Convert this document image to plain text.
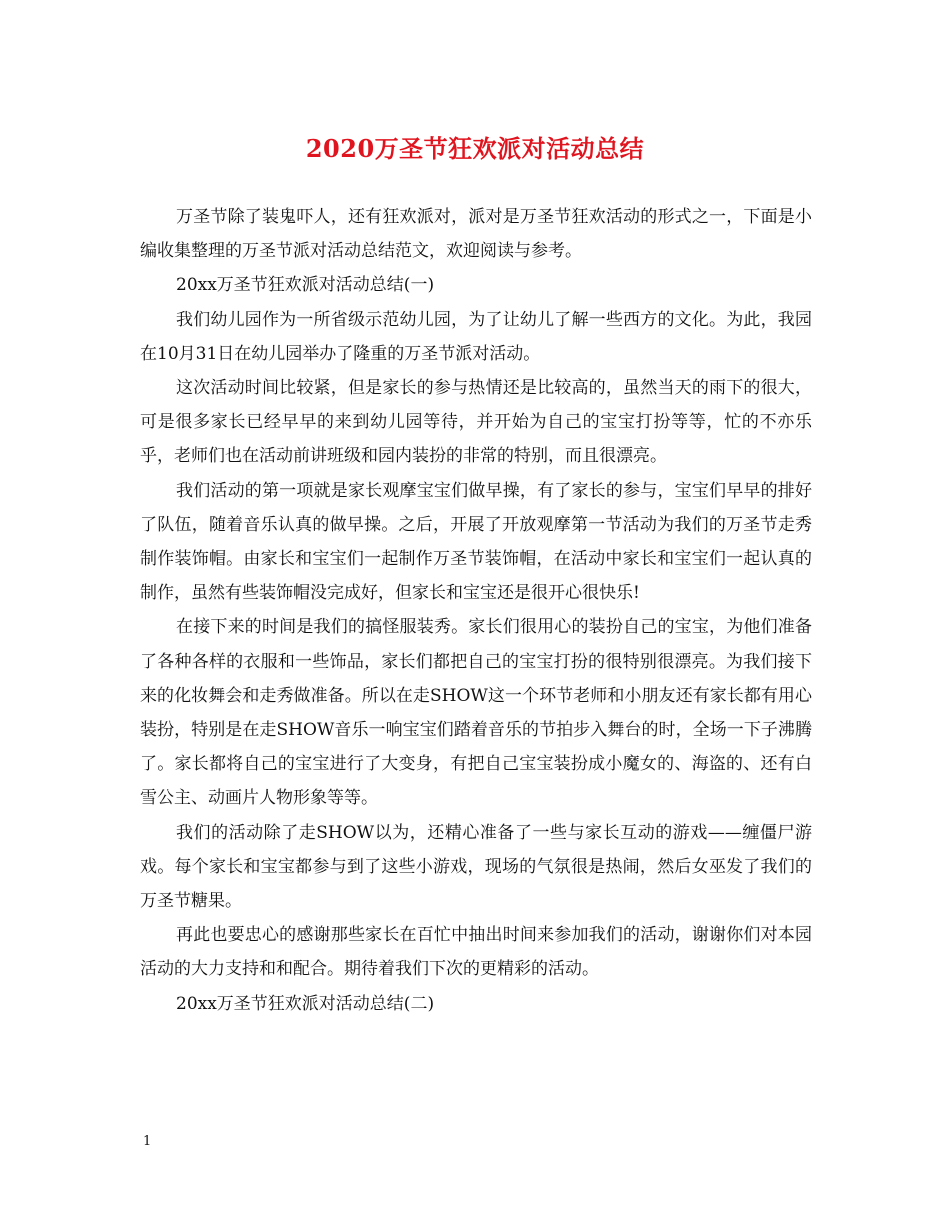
2020万圣节狂欢派对活动总结

万圣节除了装鬼吓人，还有狂欢派对，派对是万圣节狂欢活动的形式之一，下面是小编收集整理的万圣节派对活动总结范文，欢迎阅读与参考。

20xx万圣节狂欢派对活动总结(一)

我们幼儿园作为一所省级示范幼儿园，为了让幼儿了解一些西方的文化。为此，我园在10月31日在幼儿园举办了隆重的万圣节派对活动。

这次活动时间比较紧，但是家长的参与热情还是比较高的，虽然当天的雨下的很大，可是很多家长已经早早的来到幼儿园等待，并开始为自己的宝宝打扮等等，忙的不亦乐乎，老师们也在活动前讲班级和园内装扮的非常的特别，而且很漂亮。

我们活动的第一项就是家长观摩宝宝们做早操，有了家长的参与，宝宝们早早的排好了队伍，随着音乐认真的做早操。之后，开展了开放观摩第一节活动为我们的万圣节走秀制作装饰帽。由家长和宝宝们一起制作万圣节装饰帽，在活动中家长和宝宝们一起认真的制作，虽然有些装饰帽没完成好，但家长和宝宝还是很开心很快乐!

在接下来的时间是我们的搞怪服装秀。家长们很用心的装扮自己的宝宝，为他们准备了各种各样的衣服和一些饰品，家长们都把自己的宝宝打扮的很特别很漂亮。为我们接下来的化妆舞会和走秀做准备。所以在走SHOW这一个环节老师和小朋友还有家长都有用心装扮，特别是在走SHOW音乐一响宝宝们踏着音乐的节拍步入舞台的时，全场一下子沸腾了。家长都将自己的宝宝进行了大变身，有把自己宝宝装扮成小魔女的、海盗的、还有白雪公主、动画片人物形象等等。

我们的活动除了走SHOW以为，还精心准备了一些与家长互动的游戏——缠僵尸游戏。每个家长和宝宝都参与到了这些小游戏，现场的气氛很是热闹，然后女巫发了我们的万圣节糖果。

再此也要忠心的感谢那些家长在百忙中抽出时间来参加我们的活动，谢谢你们对本园活动的大力支持和和配合。期待着我们下次的更精彩的活动。

20xx万圣节狂欢派对活动总结(二)

1
